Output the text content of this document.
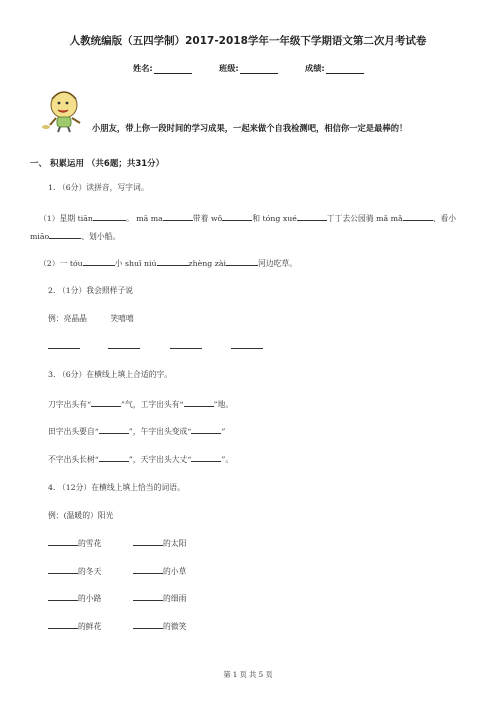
人教统编版（五四学制）2017-2018学年一年级下学期语文第二次月考试卷
姓名:	班级:	成绩:
小朋友，带上你一段时间的学习成果，一起来做个自我检测吧，相信你一定是最棒的！
一、 积累运用 （共6题；共31分）
1. （6分）读拼音，写字词。
（1）星期 tiān	。 mā ma	带着 wǒ	和 tóng xué	丁丁去公园骑 mǎ mǎ	、看小
miāo	、划小船。
（2）一 tóu	小 shuǐ niú	zhèng zài	河边吃草。
2. （1分）我会照样子说
例：亮晶晶　　　笑嘻嘻
3. （6分）在横线上填上合适的字。
刀字出头有“	”气，工字出头有“	”地。
田字出头要自“	”，午字出头变成“	”
不字出头长树“	”，天字出头大丈“	”。
4. （12分）在横线上填上恰当的词语。
例：(温暖的）阳光
的雪花	的太阳
的冬天	的小草
的小路	的细雨
的鲜花	的微笑
第 1 页 共 5 页
